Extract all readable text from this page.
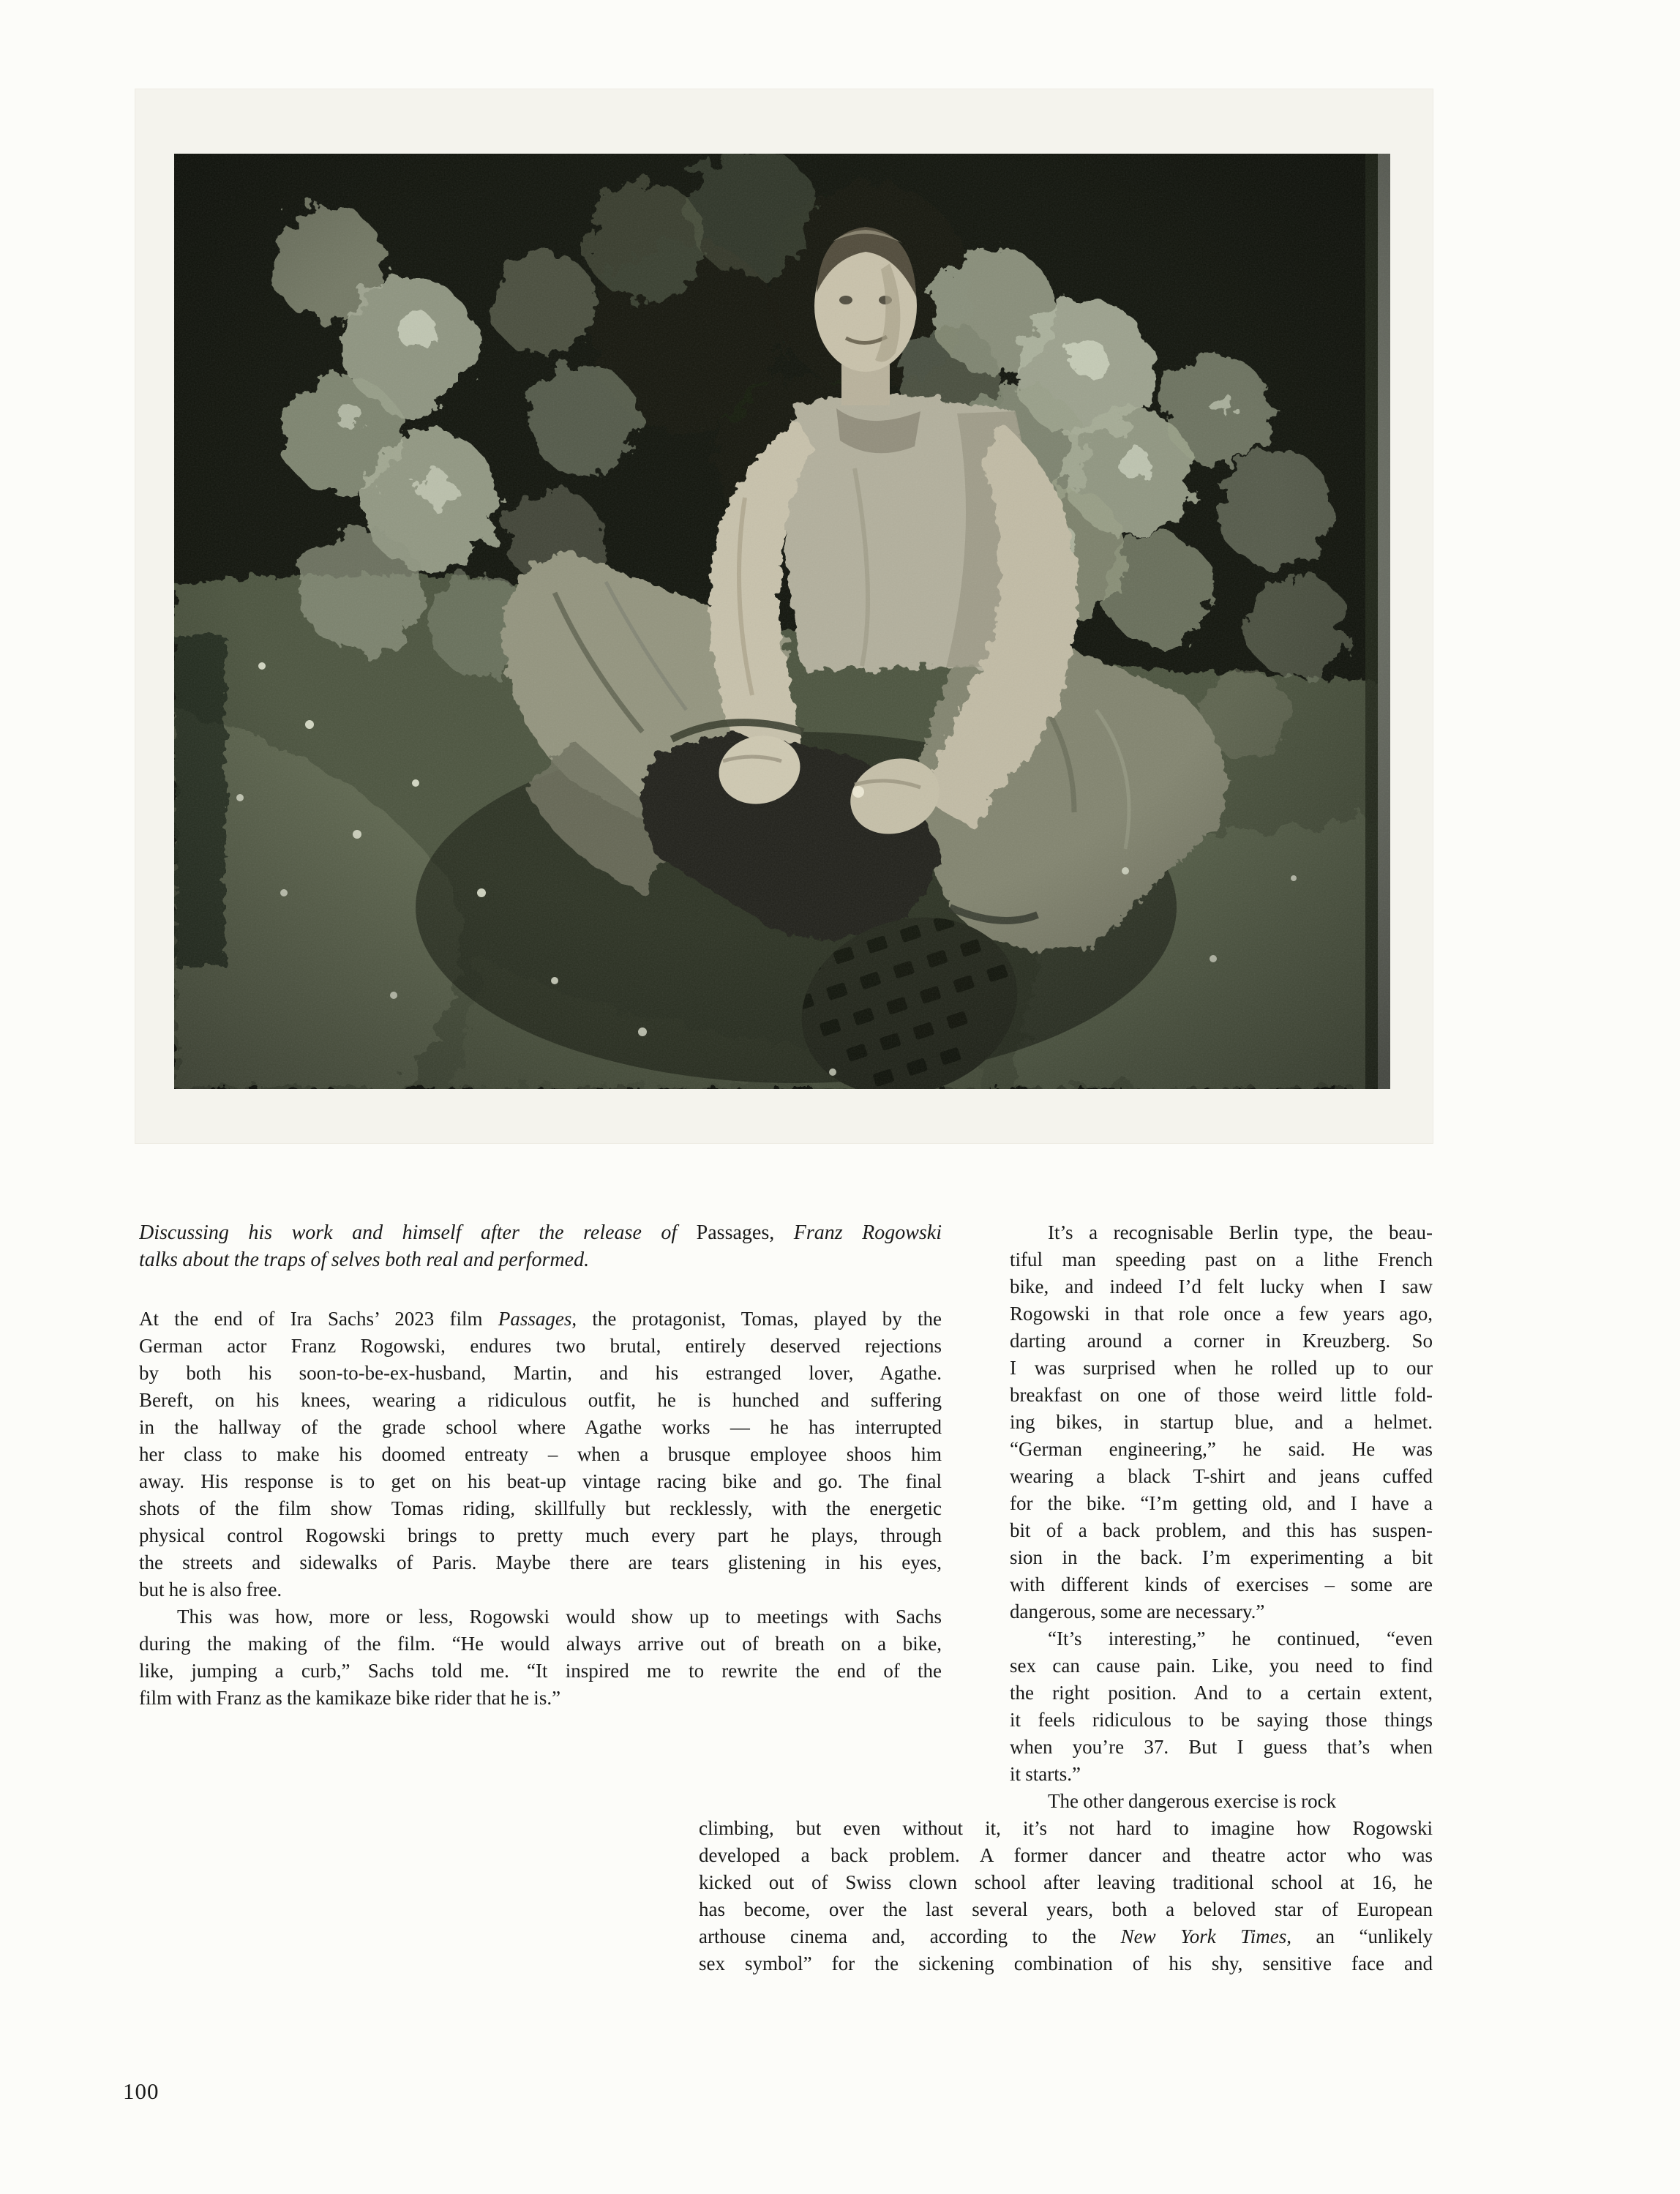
Discussing his work and himself after the release of Passages, Franz Rogowski
talks about the traps of selves both real and performed.
At the end of Ira Sachs’ 2023 film Passages, the protagonist, Tomas, played by the
German actor Franz Rogowski, endures two brutal, entirely deserved rejections
by both his soon-to-be-ex-husband, Martin, and his estranged lover, Agathe.
Bereft, on his knees, wearing a ridiculous outfit, he is hunched and suffering
in the hallway of the grade school where Agathe works — he has interrupted
her class to make his doomed entreaty – when a brusque employee shoos him
away. His response is to get on his beat-up vintage racing bike and go. The final
shots of the film show Tomas riding, skillfully but recklessly, with the energetic
physical control Rogowski brings to pretty much every part he plays, through
the streets and sidewalks of Paris. Maybe there are tears glistening in his eyes,
but he is also free.
This was how, more or less, Rogowski would show up to meetings with Sachs
during the making of the film. “He would always arrive out of breath on a bike,
like, jumping a curb,” Sachs told me. “It inspired me to rewrite the end of the
film with Franz as the kamikaze bike rider that he is.”
It’s a recognisable Berlin type, the beau-
tiful man speeding past on a lithe French
bike, and indeed I’d felt lucky when I saw
Rogowski in that role once a few years ago,
darting around a corner in Kreuzberg. So
I was surprised when he rolled up to our
breakfast on one of those weird little fold-
ing bikes, in startup blue, and a helmet.
“German engineering,” he said. He was
wearing a black T-shirt and jeans cuffed
for the bike. “I’m getting old, and I have a
bit of a back problem, and this has suspen-
sion in the back. I’m experimenting a bit
with different kinds of exercises – some are
dangerous, some are necessary.”
“It’s interesting,” he continued, “even
sex can cause pain. Like, you need to find
the right position. And to a certain extent,
it feels ridiculous to be saying those things
when you’re 37. But I guess that’s when
it starts.”
The other dangerous exercise is rock
climbing, but even without it, it’s not hard to imagine how Rogowski
developed a back problem. A former dancer and theatre actor who was
kicked out of Swiss clown school after leaving traditional school at 16, he
has become, over the last several years, both a beloved star of European
arthouse cinema and, according to the New York Times, an “unlikely
sex symbol” for the sickening combination of his shy, sensitive face and
100
